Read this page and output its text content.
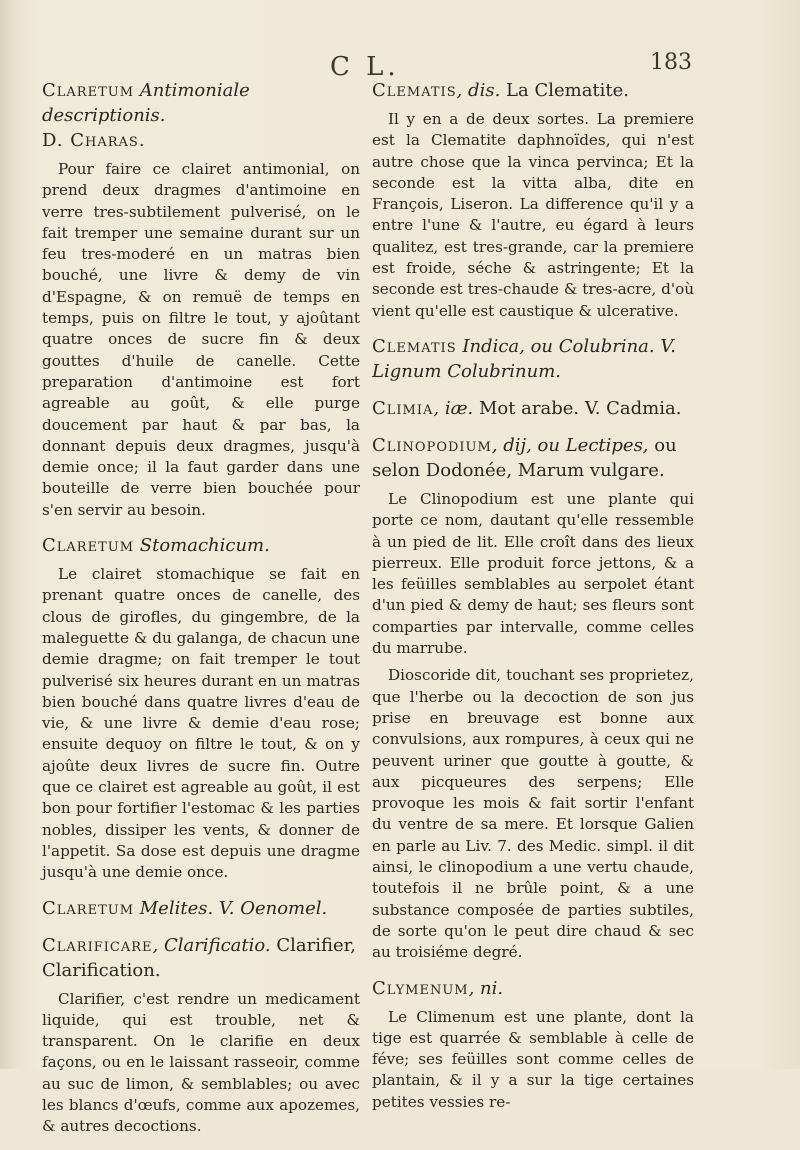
C L.	183

Claretum Antimoniale descriptionis.
D. Charas.

Pour faire ce clairet antimonial, on prend deux dragmes d'antimoine en verre tres-subtilement pulverisé, on le fait tremper une semaine durant sur un feu tres-moderé en un matras bien bouché, une livre & demy de vin d'Espagne, & on remuë de temps en temps, puis on filtre le tout, y ajoûtant quatre onces de sucre fin & deux gouttes d'huile de canelle. Cette preparation d'antimoine est fort agreable au goût, & elle purge doucement par haut & par bas, la donnant depuis deux dragmes, jusqu'à demie once; il la faut garder dans une bouteille de verre bien bouchée pour s'en servir au besoin.

Claretum Stomachicum.

Le clairet stomachique se fait en prenant quatre onces de canelle, des clous de girofles, du gingembre, de la maleguette & du galanga, de chacun une demie dragme; on fait tremper le tout pulverisé six heures durant en un matras bien bouché dans quatre livres d'eau de vie, & une livre & demie d'eau rose; ensuite dequoy on filtre le tout, & on y ajoûte deux livres de sucre fin. Outre que ce clairet est agreable au goût, il est bon pour fortifier l'estomac & les parties nobles, dissiper les vents, & donner de l'appetit. Sa dose est depuis une dragme jusqu'à une demie once.

Claretum Melites. V. Oenomel.

Clarificare, Clarificatio. Clarifier, Clarification.

Clarifier, c'est rendre un medicament liquide, qui est trouble, net & transparent. On le clarifie en deux façons, ou en le laissant rasseoir, comme au suc de limon, & semblables; ou avec les blancs d'œufs, comme aux apozemes, & autres decoctions.

Clematis, dis. La Clematite.

Il y en a de deux sortes. La premiere est la Clematite daphnoïdes, qui n'est autre chose que la vinca pervinca; Et la seconde est la vitta alba, dite en François, Liseron. La difference qu'il y a entre l'une & l'autre, eu égard à leurs qualitez, est tres-grande, car la premiere est froide, séche & astringente; Et la seconde est tres-chaude & tres-acre, d'où vient qu'elle est caustique & ulcerative.

Clematis Indica, ou Colubrina. V. Lignum Colubrinum.

Climia, iæ. Mot arabe. V. Cadmia.

Clinopodium, dij, ou Lectipes, ou selon Dodonée, Marum vulgare.

Le Clinopodium est une plante qui porte ce nom, dautant qu'elle ressemble à un pied de lit. Elle croît dans des lieux pierreux. Elle produit force jettons, & a les feüilles semblables au serpolet étant d'un pied & demy de haut; ses fleurs sont comparties par intervalle, comme celles du marrube.

Dioscoride dit, touchant ses proprietez, que l'herbe ou la decoction de son jus prise en breuvage est bonne aux convulsions, aux rompures, à ceux qui ne peuvent uriner que goutte à goutte, & aux picqueures des serpens; Elle provoque les mois & fait sortir l'enfant du ventre de sa mere. Et lorsque Galien en parle au Liv. 7. des Medic. simpl. il dit ainsi, le clinopodium a une vertu chaude, toutefois il ne brûle point, & a une substance composée de parties subtiles, de sorte qu'on le peut dire chaud & sec au troisiéme degré.

Clymenum, ni.

Le Climenum est une plante, dont la tige est quarrée & semblable à celle de féve; ses feüilles sont comme celles de plantain, & il y a sur la tige certaines petites vessies re-
